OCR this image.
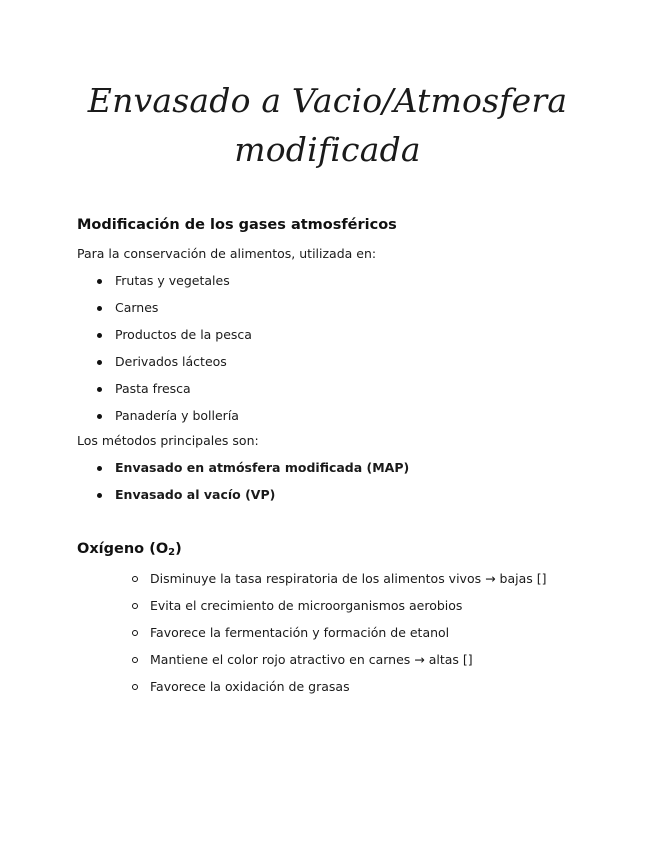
Envasado a Vacio/Atmosfera
modificada
Modificación de los gases atmosféricos
Para la conservación de alimentos, utilizada en:
Frutas y vegetales
Carnes
Productos de la pesca
Derivados lácteos
Pasta fresca
Panadería y bollería
Los métodos principales son:
Envasado en atmósfera modificada (MAP)
Envasado al vacío (VP)
Oxígeno (O2)
Disminuye la tasa respiratoria de los alimentos vivos → bajas []
Evita el crecimiento de microorganismos aerobios
Favorece la fermentación y formación de etanol
Mantiene el color rojo atractivo en carnes → altas []
Favorece la oxidación de grasas
